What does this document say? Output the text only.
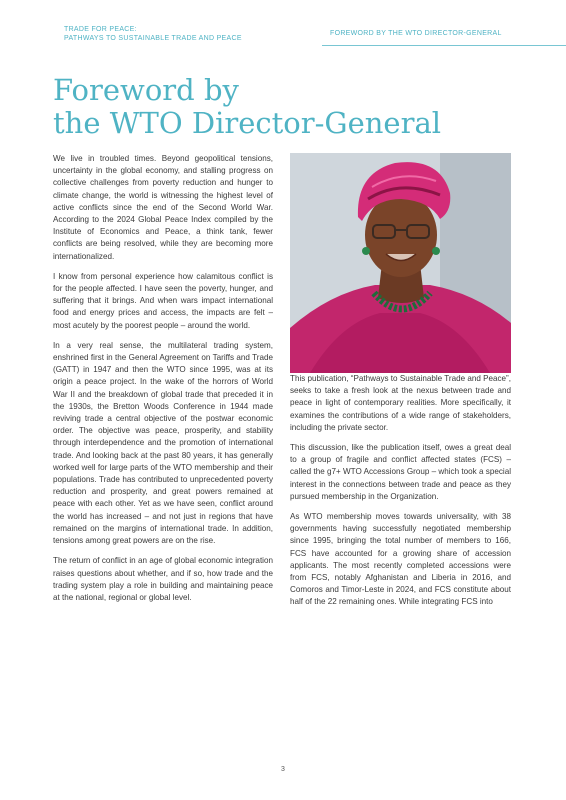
TRADE FOR PEACE:
PATHWAYS TO SUSTAINABLE TRADE AND PEACE
FOREWORD BY THE WTO DIRECTOR-GENERAL
Foreword by
the WTO Director-General

We live in troubled times. Beyond geopolitical tensions, uncertainty in the global economy, and stalling progress on collective challenges from poverty reduction and hunger to climate change, the world is witnessing the highest level of active conflicts since the end of the Second World War. According to the 2024 Global Peace Index compiled by the Institute of Economics and Peace, a think tank, fewer conflicts are being resolved, while they are becoming more internationalized.

I know from personal experience how calamitous conflict is for the people affected. I have seen the poverty, hunger, and suffering that it brings. And when wars impact international food and energy prices and access, the impacts are felt – most acutely by the poorest people – around the world.

In a very real sense, the multilateral trading system, enshrined first in the General Agreement on Tariffs and Trade (GATT) in 1947 and then the WTO since 1995, was at its origin a peace project. In the wake of the horrors of World War II and the breakdown of global trade that preceded it in the 1930s, the Bretton Woods Conference in 1944 made reviving trade a central objective of the postwar economic order. The objective was peace, prosperity, and stability through interdependence and the promotion of international trade. And looking back at the past 80 years, it has generally worked well for large parts of the WTO membership and their populations. Trade has contributed to unprecedented poverty reduction and prosperity, and great powers remained at peace with each other. Yet as we have seen, conflict around the world has increased – and not just in regions that have remained on the margins of international trade. In addition, tensions among great powers are on the rise.

The return of conflict in an age of global economic integration raises questions about whether, and if so, how trade and the trading system play a role in building and maintaining peace at the national, regional or global level.

This publication, “Pathways to Sustainable Trade and Peace”, seeks to take a fresh look at the nexus between trade and peace in light of contemporary realities. More specifically, it examines the contributions of a wide range of stakeholders, including the private sector.

This discussion, like the publication itself, owes a great deal to a group of fragile and conflict affected states (FCS) – called the g7+ WTO Accessions Group – which took a special interest in the connections between trade and peace as they pursued membership in the Organization.

As WTO membership moves towards universality, with 38 governments having successfully negotiated membership since 1995, bringing the total number of members to 166, FCS have accounted for a growing share of accession applicants. The most recently completed accessions were from FCS, notably Afghanistan and Liberia in 2016, and Comoros and Timor-Leste in 2024, and FCS constitute about half of the 22 remaining ones. While integrating FCS into

3
